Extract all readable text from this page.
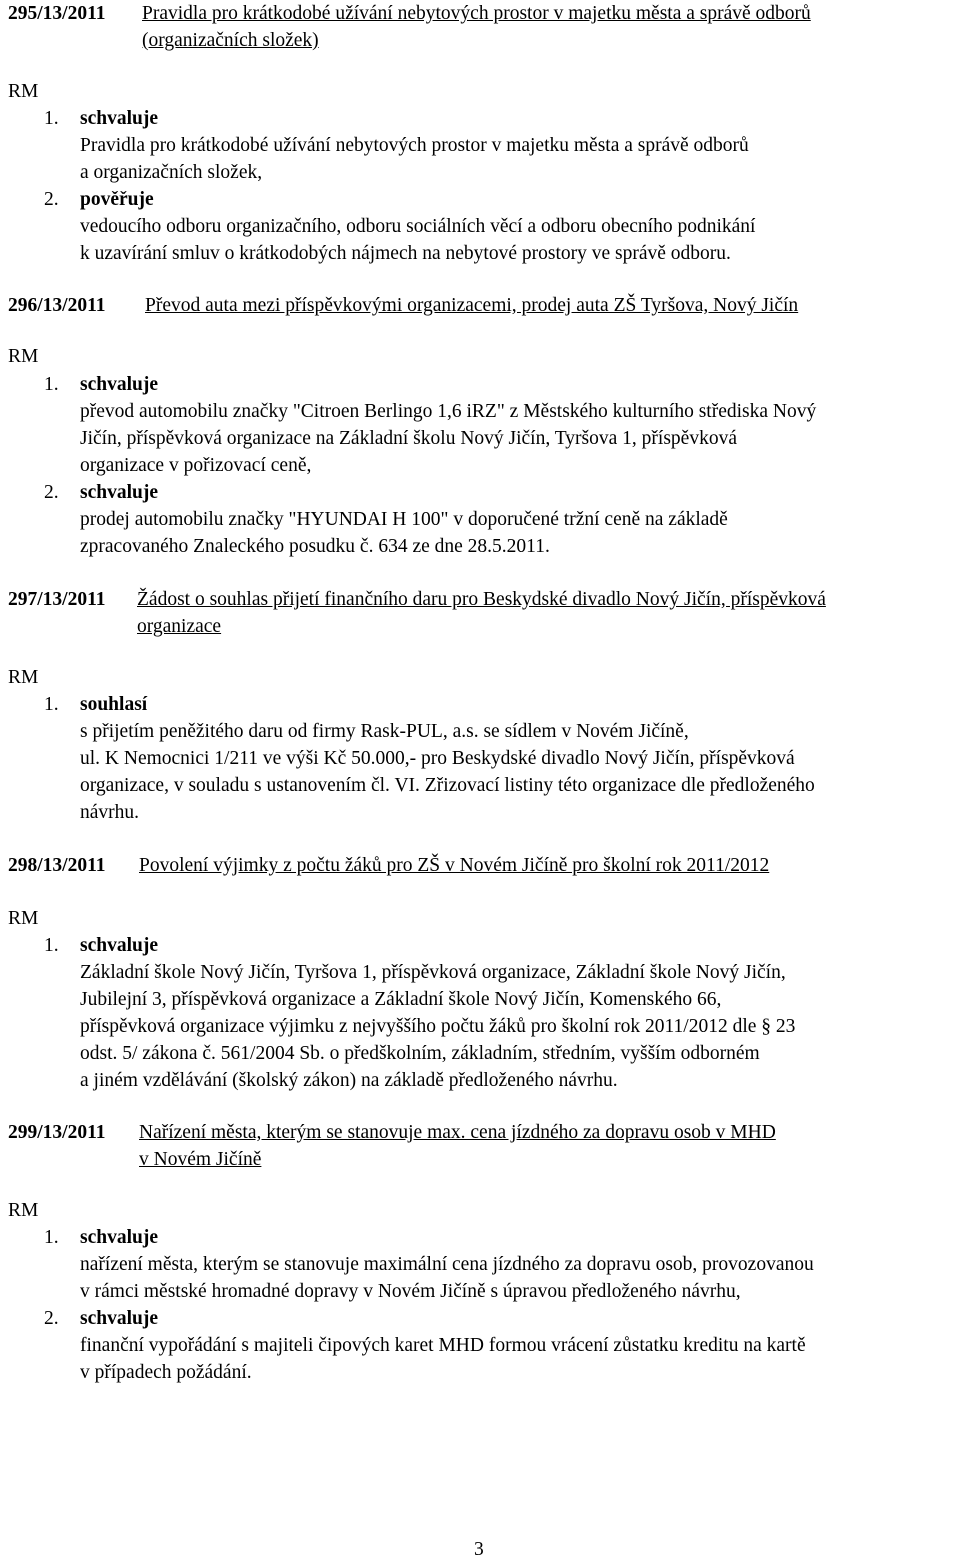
295/13/2011 Pravidla pro krátkodobé užívání nebytových prostor v majetku města a správě odborů
(organizačních složek)
RM
1. schvaluje
Pravidla pro krátkodobé užívání nebytových prostor v majetku města a správě odborů
a organizačních složek,
2. pověřuje
vedoucího odboru organizačního, odboru sociálních věcí a odboru obecního podnikání
k uzavírání smluv o krátkodobých nájmech na nebytové prostory ve správě odboru.
296/13/2011 Převod auta mezi příspěvkovými organizacemi, prodej auta ZŠ Tyršova, Nový Jičín
RM
1. schvaluje
převod automobilu značky "Citroen Berlingo 1,6 iRZ" z Městského kulturního střediska Nový
Jičín, příspěvková organizace na Základní školu Nový Jičín, Tyršova 1, příspěvková
organizace v pořizovací ceně,
2. schvaluje
prodej automobilu značky "HYUNDAI H 100" v doporučené tržní ceně na základě
zpracovaného Znaleckého posudku č. 634 ze dne 28.5.2011.
297/13/2011 Žádost o souhlas přijetí finančního daru pro Beskydské divadlo Nový Jičín, příspěvková
organizace
RM
1. souhlasí
s přijetím peněžitého daru od firmy Rask-PUL, a.s. se sídlem v Novém Jičíně,
ul. K Nemocnici 1/211 ve výši Kč 50.000,- pro Beskydské divadlo Nový Jičín, příspěvková
organizace, v souladu s ustanovením čl. VI. Zřizovací listiny této organizace dle předloženého
návrhu.
298/13/2011 Povolení výjimky z počtu žáků pro ZŠ v Novém Jičíně pro školní rok 2011/2012
RM
1. schvaluje
Základní škole Nový Jičín, Tyršova 1, příspěvková organizace, Základní škole Nový Jičín,
Jubilejní 3, příspěvková organizace a Základní škole Nový Jičín, Komenského 66,
příspěvková organizace výjimku z nejvyššího počtu žáků pro školní rok 2011/2012 dle § 23
odst. 5/ zákona č. 561/2004 Sb. o předškolním, základním, středním, vyšším odborném
a jiném vzdělávání (školský zákon) na základě předloženého návrhu.
299/13/2011 Nařízení města, kterým se stanovuje max. cena jízdného za dopravu osob v MHD
v Novém Jičíně
RM
1. schvaluje
nařízení města, kterým se stanovuje maximální cena jízdného za dopravu osob, provozovanou
v rámci městské hromadné dopravy v Novém Jičíně s úpravou předloženého návrhu,
2. schvaluje
finanční vypořádání s majiteli čipových karet MHD formou vrácení zůstatku kreditu na kartě
v případech požádání.
3
